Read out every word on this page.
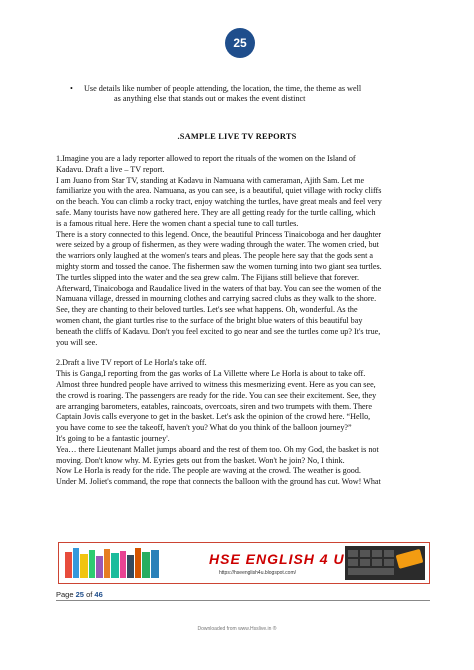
25
•	Use details like number of people attending, the location, the time, the theme as well
as anything else that stands out or makes the event distinct
.SAMPLE LIVE TV REPORTS
1.Imagine you are a lady reporter allowed to report the rituals of the women on the Island of
Kadavu. Draft a live – TV report.
I am Juano from Star TV, standing at Kadavu in Namuana with cameraman, Ajith Sam. Let me
familiarize you with the area. Namuana, as you can see, is a beautiful, quiet village with rocky cliffs
on the beach. You can climb a rocky tract, enjoy watching the turtles, have great meals and feel very
safe. Many tourists have now gathered here. They are all getting ready for the turtle calling, which
is a famous ritual here. Here the women chant a special tune to call turtles.
There is a story connected to this legend. Once, the beautiful Princess Tinaicoboga and her daughter
were seized by a group of fishermen, as they were wading through the water. The women cried, but
the warriors only laughed at the women's tears and pleas. The people here say that the gods sent a
mighty storm and tossed the canoe. The fishermen saw the women turning into two giant sea turtles.
The turtles slipped into the water and the sea grew calm. The Fijians still believe that forever.
Afterward, Tinaicoboga and Raudalice lived in the waters of that bay. You can see the women of the
Namuana village, dressed in mourning clothes and carrying sacred clubs as they walk to the shore.
See, they are chanting to their beloved turtles. Let's see what happens. Oh, wonderful. As the
women chant, the giant turtles rise to the surface of the bright blue waters of this beautiful bay
beneath the cliffs of Kadavu. Don't you feel excited to go near and see the turtles come up? It's true,
you will see.
2.Draft a live TV report of Le Horla's take off.
This is Ganga,I reporting from the gas works of La Villette where Le Horla is about to take off.
Almost three hundred people have arrived to witness this mesmerizing event. Here as you can see,
the crowd is roaring. The passengers are ready for the ride. You can see their excitement. See, they
are arranging barometers, eatables, raincoats, overcoats, siren and two trumpets with them. There
Captain Jovis calls everyone to get in the basket. Let's ask the opinion of the crowd here. “Hello,
you have come to see the takeoff, haven't you? What do you think of the balloon journey?”
It's going to be a fantastic journey'.
Yea… there Lieutenant Mallet jumps aboard and the rest of them too. Oh my God, the basket is not
moving. Don't know why. M. Eyries gets out from the basket. Won't he join? No, I think.
Now Le Horla is ready for the ride. The people are waving at the crowd. The weather is good.
Under M. Joliet's command, the rope that connects the balloon with the ground has cut. Wow! What
HSE ENGLISH 4 U
https://hseenglish4u.blogspot.com/
Page 25 of 46
Downloaded from www.Hsslive.in ®
